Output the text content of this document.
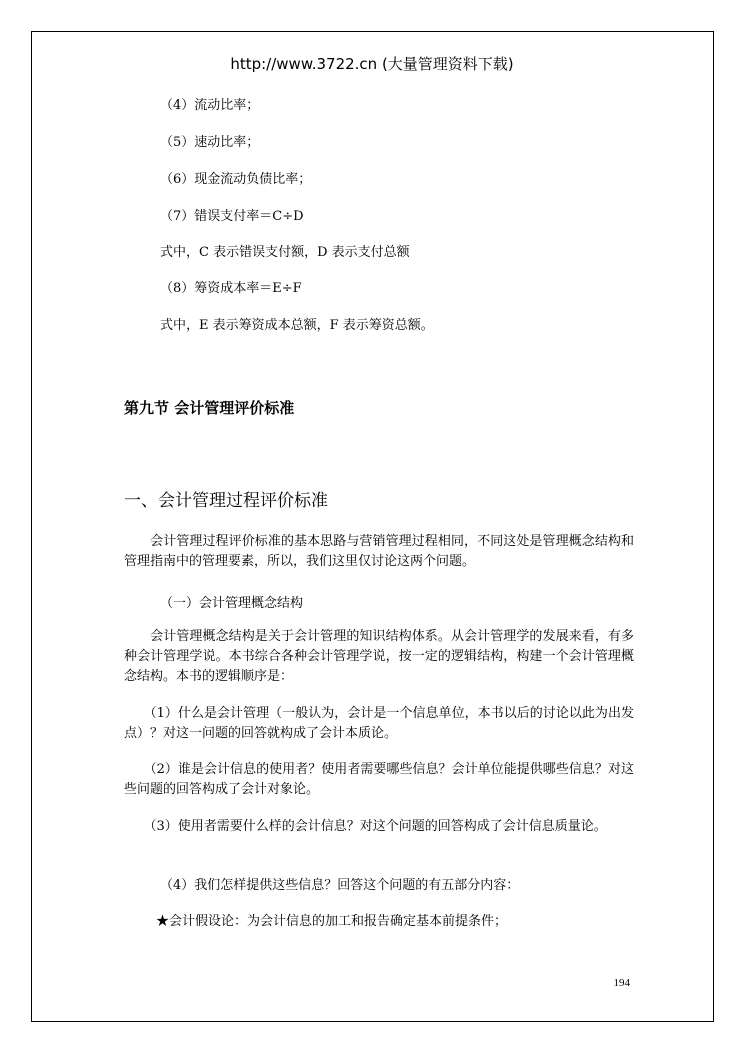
http://www.3722.cn (大量管理资料下载)
（4）流动比率；
（5）速动比率；
（6）现金流动负债比率；
（7）错误支付率＝C÷D
式中，C 表示错误支付额，D 表示支付总额
（8）筹资成本率＝E÷F
式中，E 表示筹资成本总额，F 表示筹资总额。
第九节 会计管理评价标准
一、会计管理过程评价标准
　　会计管理过程评价标准的基本思路与营销管理过程相同，不同这处是管理概念结构和管理指南中的管理要素，所以，我们这里仅讨论这两个问题。
（一）会计管理概念结构
　　会计管理概念结构是关于会计管理的知识结构体系。从会计管理学的发展来看，有多种会计管理学说。本书综合各种会计管理学说，按一定的逻辑结构，构建一个会计管理概念结构。本书的逻辑顺序是：
　　（1）什么是会计管理（一般认为，会计是一个信息单位，本书以后的讨论以此为出发点）？对这一问题的回答就构成了会计本质论。
　　（2）谁是会计信息的使用者？使用者需要哪些信息？会计单位能提供哪些信息？对这些问题的回答构成了会计对象论。
　　（3）使用者需要什么样的会计信息？对这个问题的回答构成了会计信息质量论。
（4）我们怎样提供这些信息？回答这个问题的有五部分内容：
★会计假设论：为会计信息的加工和报告确定基本前提条件；
194
